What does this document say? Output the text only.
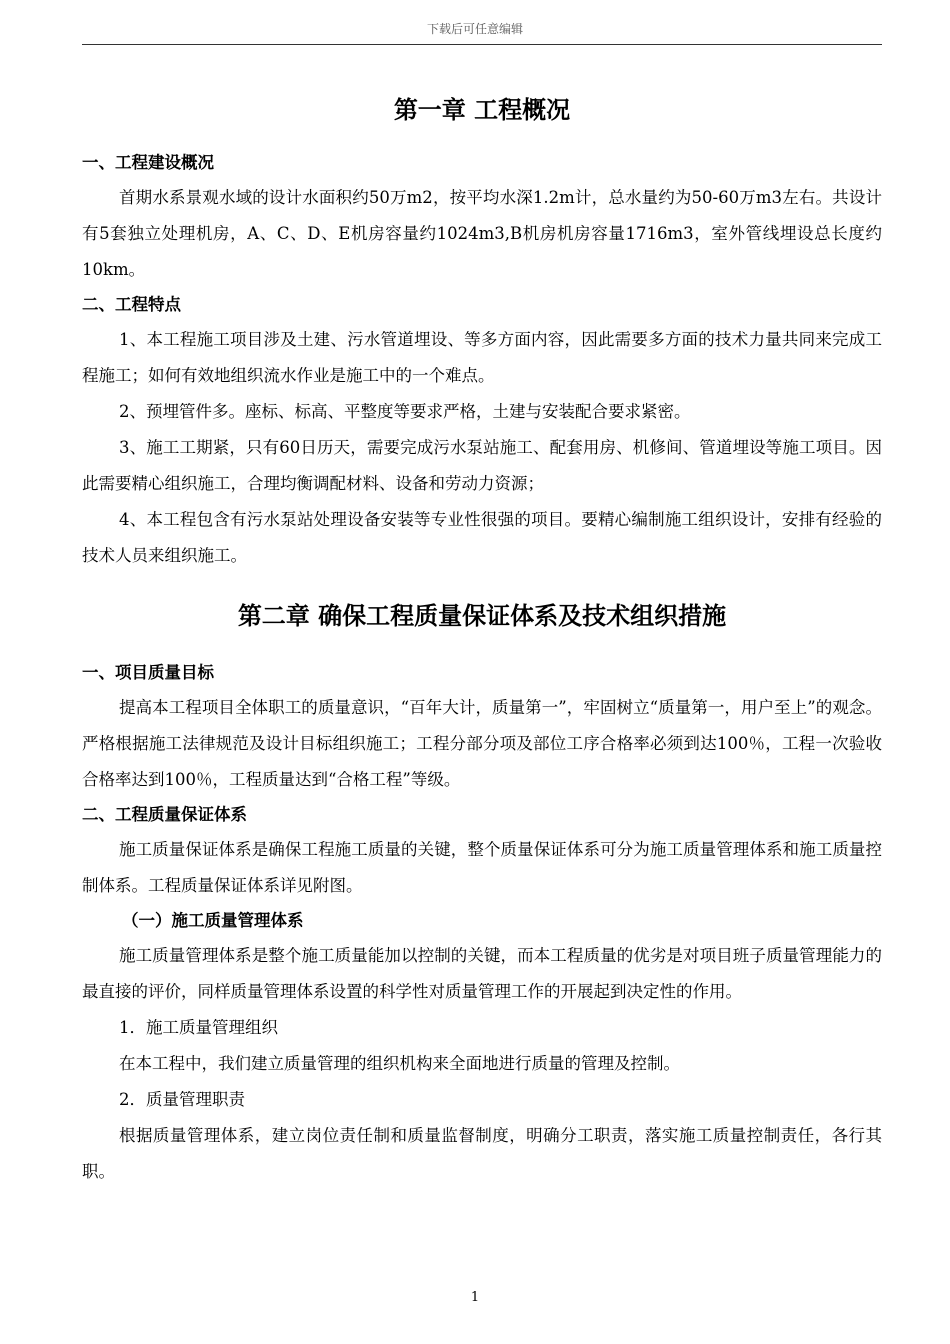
下载后可任意编辑
第一章 工程概况
一、工程建设概况

首期水系景观水域的设计水面积约50万m2，按平均水深1.2m计，总水量约为50-60万m3左右。共设计有5套独立处理机房，A、C、D、E机房容量约1024m3,B机房机房容量1716m3，室外管线埋设总长度约10km。

二、工程特点

1、本工程施工项目涉及土建、污水管道埋设、等多方面内容，因此需要多方面的技术力量共同来完成工程施工；如何有效地组织流水作业是施工中的一个难点。

2、预埋管件多。座标、标高、平整度等要求严格，土建与安装配合要求紧密。

3、施工工期紧，只有60日历天，需要完成污水泵站施工、配套用房、机修间、管道埋设等施工项目。因此需要精心组织施工，合理均衡调配材料、设备和劳动力资源；

4、本工程包含有污水泵站处理设备安装等专业性很强的项目。要精心编制施工组织设计，安排有经验的技术人员来组织施工。

第二章 确保工程质量保证体系及技术组织措施
一、项目质量目标

提高本工程项目全体职工的质量意识，“百年大计，质量第一”，牢固树立“质量第一，用户至上”的观念。严格根据施工法律规范及设计目标组织施工；工程分部分项及部位工序合格率必须到达100％，工程一次验收合格率达到100％，工程质量达到“合格工程”等级。

二、工程质量保证体系

施工质量保证体系是确保工程施工质量的关键，整个质量保证体系可分为施工质量管理体系和施工质量控制体系。工程质量保证体系详见附图。

（一）施工质量管理体系

施工质量管理体系是整个施工质量能加以控制的关键，而本工程质量的优劣是对项目班子质量管理能力的最直接的评价，同样质量管理体系设置的科学性对质量管理工作的开展起到决定性的作用。

1．施工质量管理组织

在本工程中，我们建立质量管理的组织机构来全面地进行质量的管理及控制。

2．质量管理职责

根据质量管理体系，建立岗位责任制和质量监督制度，明确分工职责，落实施工质量控制责任，各行其职。

1
